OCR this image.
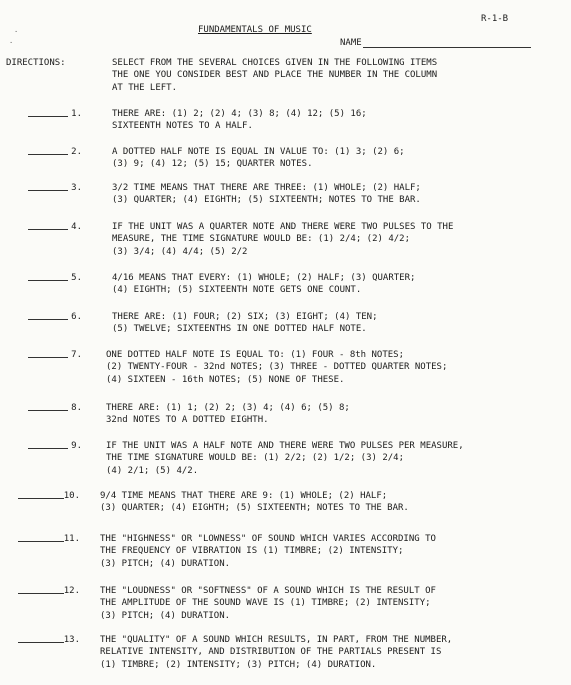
R-1-B
FUNDAMENTALS OF MUSIC
NAME
·
·
DIRECTIONS:	SELECT FROM THE SEVERAL CHOICES GIVEN IN THE FOLLOWING ITEMS
THE ONE YOU CONSIDER BEST AND PLACE THE NUMBER IN THE COLUMN
AT THE LEFT.
1.	THERE ARE: (1) 2; (2) 4; (3) 8; (4) 12; (5) 16;
SIXTEENTH NOTES TO A HALF.
2.	A DOTTED HALF NOTE IS EQUAL IN VALUE TO: (1) 3; (2) 6;
(3) 9; (4) 12; (5) 15; QUARTER NOTES.
3.	3/2 TIME MEANS THAT THERE ARE THREE: (1) WHOLE; (2) HALF;
(3) QUARTER; (4) EIGHTH; (5) SIXTEENTH; NOTES TO THE BAR.
4.	IF THE UNIT WAS A QUARTER NOTE AND THERE WERE TWO PULSES TO THE
MEASURE, THE TIME SIGNATURE WOULD BE: (1) 2/4; (2) 4/2;
(3) 3/4; (4) 4/4; (5) 2/2
5.	4/16 MEANS THAT EVERY: (1) WHOLE; (2) HALF; (3) QUARTER;
(4) EIGHTH; (5) SIXTEENTH NOTE GETS ONE COUNT.
6.	THERE ARE: (1) FOUR; (2) SIX; (3) EIGHT; (4) TEN;
(5) TWELVE; SIXTEENTHS IN ONE DOTTED HALF NOTE.
7.	ONE DOTTED HALF NOTE IS EQUAL TO: (1) FOUR - 8th NOTES;
(2) TWENTY-FOUR - 32nd NOTES; (3) THREE - DOTTED QUARTER NOTES;
(4) SIXTEEN - 16th NOTES; (5) NONE OF THESE.
8.	THERE ARE: (1) 1; (2) 2; (3) 4; (4) 6; (5) 8;
32nd NOTES TO A DOTTED EIGHTH.
9.	IF THE UNIT WAS A HALF NOTE AND THERE WERE TWO PULSES PER MEASURE,
THE TIME SIGNATURE WOULD BE: (1) 2/2; (2) 1/2; (3) 2/4;
(4) 2/1; (5) 4/2.
10. 9/4 TIME MEANS THAT THERE ARE 9: (1) WHOLE; (2) HALF;
(3) QUARTER; (4) EIGHTH; (5) SIXTEENTH; NOTES TO THE BAR.
11. THE "HIGHNESS" OR "LOWNESS" OF SOUND WHICH VARIES ACCORDING TO
THE FREQUENCY OF VIBRATION IS (1) TIMBRE; (2) INTENSITY;
(3) PITCH; (4) DURATION.
12. THE "LOUDNESS" OR "SOFTNESS" OF A SOUND WHICH IS THE RESULT OF
THE AMPLITUDE OF THE SOUND WAVE IS (1) TIMBRE; (2) INTENSITY;
(3) PITCH; (4) DURATION.
13. THE "QUALITY" OF A SOUND WHICH RESULTS, IN PART, FROM THE NUMBER,
RELATIVE INTENSITY, AND DISTRIBUTION OF THE PARTIALS PRESENT IS
(1) TIMBRE; (2) INTENSITY; (3) PITCH; (4) DURATION.
